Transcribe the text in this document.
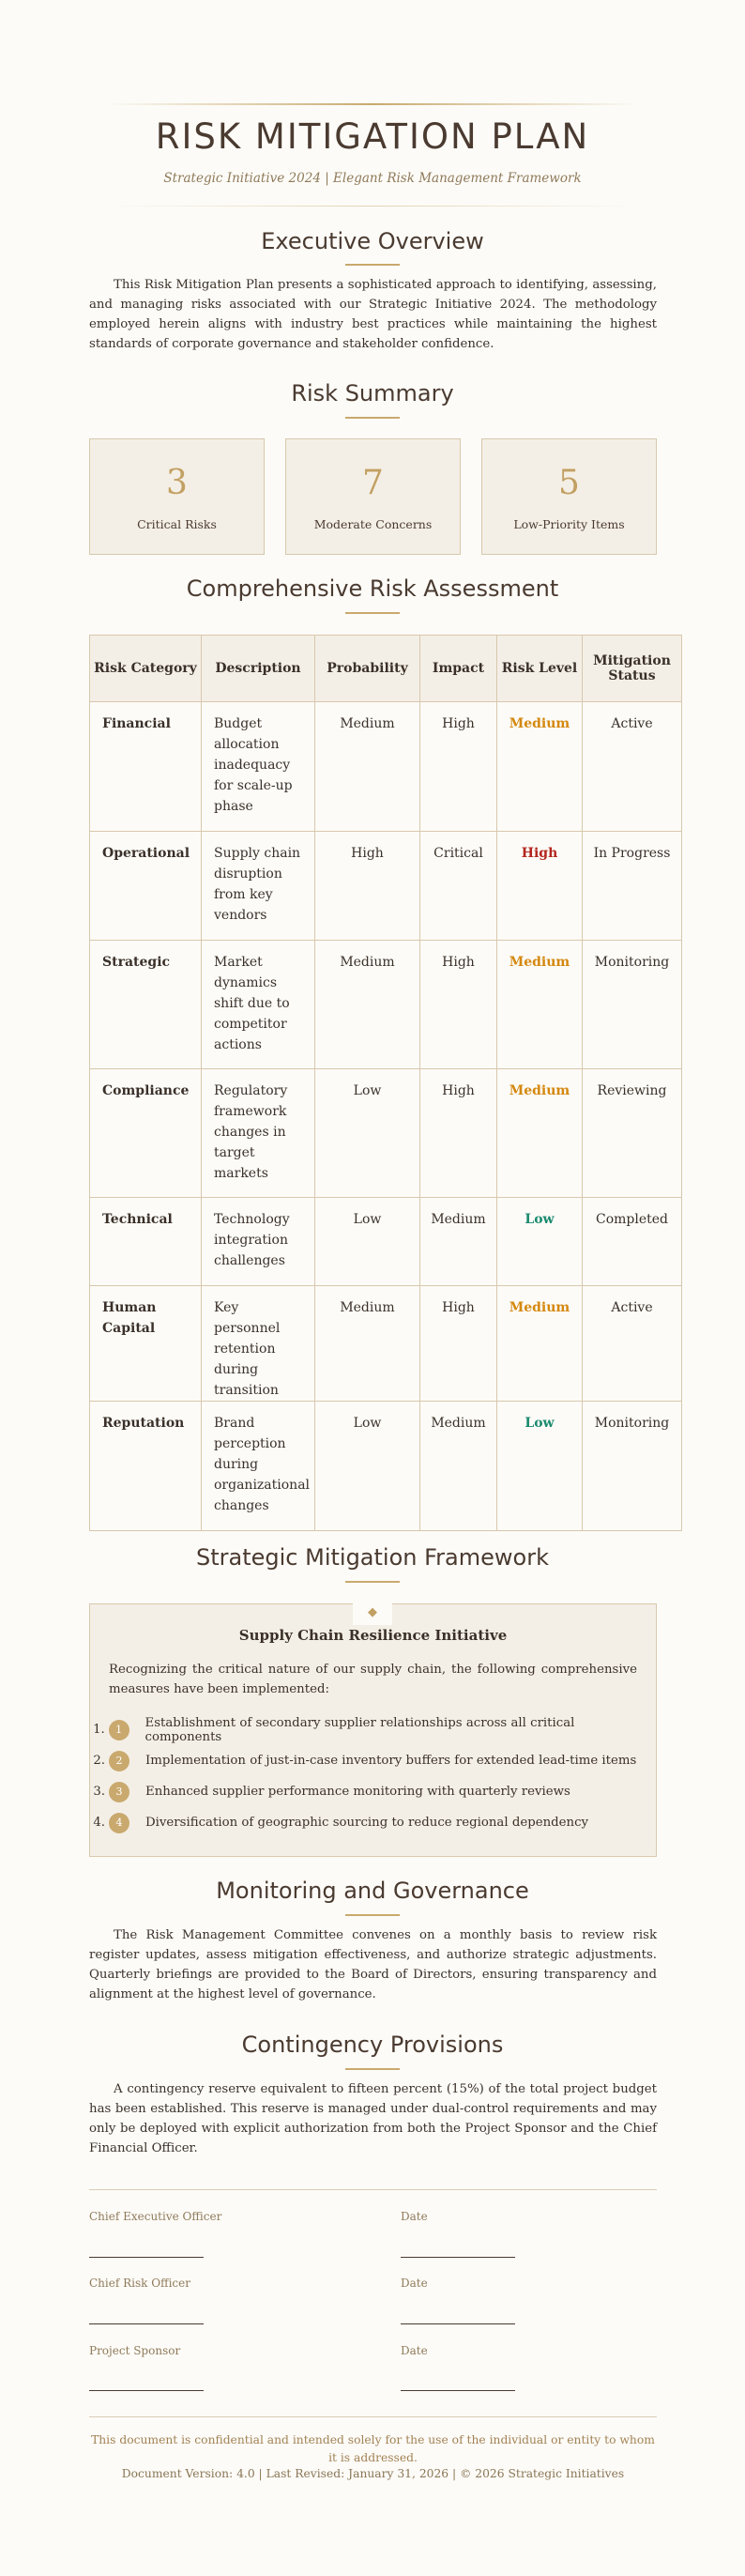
RISK MITIGATION PLAN
Strategic Initiative 2024 | Elegant Risk Management Framework
Executive Overview

This Risk Mitigation Plan presents a sophisticated approach to identifying, assessing, and managing risks associated with our Strategic Initiative 2024. The methodology employed herein aligns with industry best practices while maintaining the highest standards of corporate governance and stakeholder confidence.

Risk Summary
3
Critical Risks
7
Moderate Concerns
5
Low-Priority Items
Comprehensive Risk Assessment
Risk Category	Description	Probability	Impact	Risk Level	Mitigation Status
Financial	Budget allocation inadequacy for scale-up phase	Medium	High	Medium	Active
Operational	Supply chain disruption from key vendors	High	Critical	High	In Progress
Strategic	Market dynamics shift due to competitor actions	Medium	High	Medium	Monitoring
Compliance	Regulatory framework changes in target markets	Low	High	Medium	Reviewing
Technical	Technology integration challenges	Low	Medium	Low	Completed
Human Capital	Key personnel retention during transition	Medium	High	Medium	Active
Reputation	Brand perception during organizational changes	Low	Medium	Low	Monitoring
Strategic Mitigation Framework
◆
Supply Chain Resilience Initiative

Recognizing the critical nature of our supply chain, the following comprehensive measures have been implemented:

1.	1	Establishment of secondary supplier relationships across all critical components
2.	2	Implementation of just-in-case inventory buffers for extended lead-time items
3.	3	Enhanced supplier performance monitoring with quarterly reviews
4.	4	Diversification of geographic sourcing to reduce regional dependency
Monitoring and Governance

The Risk Management Committee convenes on a monthly basis to review risk register updates, assess mitigation effectiveness, and authorize strategic adjustments. Quarterly briefings are provided to the Board of Directors, ensuring transparency and alignment at the highest level of governance.

Contingency Provisions

A contingency reserve equivalent to fifteen percent (15%) of the total project budget has been established. This reserve is managed under dual-control requirements and may only be deployed with explicit authorization from both the Project Sponsor and the Chief Financial Officer.

Chief Executive Officer	Date
Chief Risk Officer	Date
Project Sponsor	Date

This document is confidential and intended solely for the use of the individual or entity to whom it is addressed.

Document Version: 4.0 | Last Revised: January 31, 2026 | © 2026 Strategic Initiatives
